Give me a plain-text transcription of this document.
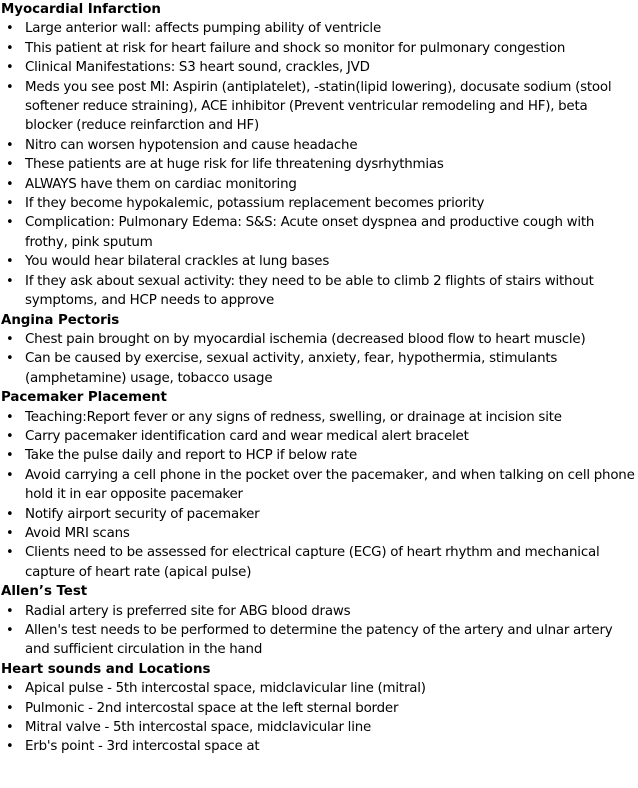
Myocardial Infarction
• Large anterior wall: affects pumping ability of ventricle
• This patient at risk for heart failure and shock so monitor for pulmonary congestion
• Clinical Manifestations: S3 heart sound, crackles, JVD
• Meds you see post MI: Aspirin (antiplatelet), -statin(lipid lowering), docusate sodium (stool softener reduce straining), ACE inhibitor (Prevent ventricular remodeling and HF), beta blocker (reduce reinfarction and HF)
• Nitro can worsen hypotension and cause headache
• These patients are at huge risk for life threatening dysrhythmias
• ALWAYS have them on cardiac monitoring
• If they become hypokalemic, potassium replacement becomes priority
• Complication: Pulmonary Edema: S&S: Acute onset dyspnea and productive cough with frothy, pink sputum
• You would hear bilateral crackles at lung bases
• If they ask about sexual activity: they need to be able to climb 2 flights of stairs without symptoms, and HCP needs to approve
Angina Pectoris
• Chest pain brought on by myocardial ischemia (decreased blood flow to heart muscle)
• Can be caused by exercise, sexual activity, anxiety, fear, hypothermia, stimulants (amphetamine) usage, tobacco usage
Pacemaker Placement
• Teaching:Report fever or any signs of redness, swelling, or drainage at incision site
• Carry pacemaker identification card and wear medical alert bracelet
• Take the pulse daily and report to HCP if below rate
• Avoid carrying a cell phone in the pocket over the pacemaker, and when talking on cell phone hold it in ear opposite pacemaker
• Notify airport security of pacemaker
• Avoid MRI scans
• Clients need to be assessed for electrical capture (ECG) of heart rhythm and mechanical capture of heart rate (apical pulse)
Allen’s Test
• Radial artery is preferred site for ABG blood draws
• Allen's test needs to be performed to determine the patency of the artery and ulnar artery and sufficient circulation in the hand
Heart sounds and Locations
• Apical pulse - 5th intercostal space, midclavicular line (mitral)
• Pulmonic - 2nd intercostal space at the left sternal border
• Mitral valve - 5th intercostal space, midclavicular line
• Erb's point - 3rd intercostal space at
